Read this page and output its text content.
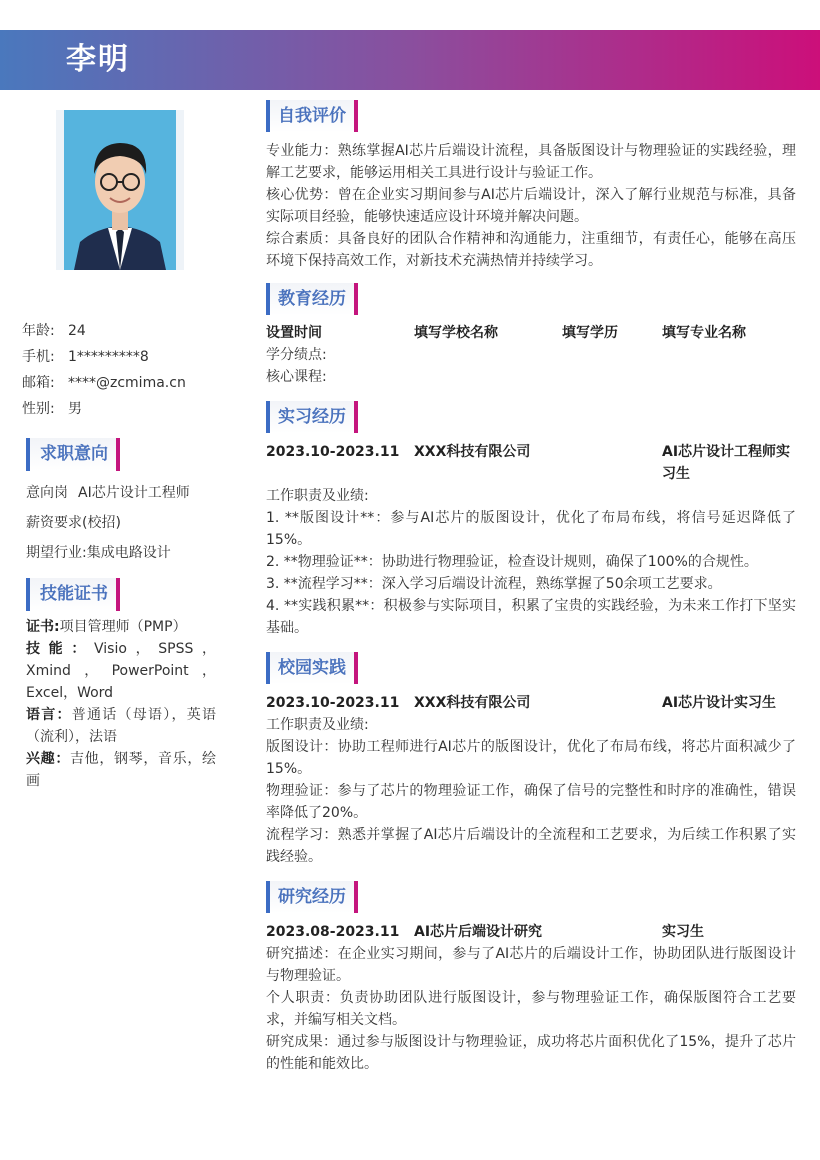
李明
年龄: 24
手机: 1*********8
邮箱: ****@zcmima.cn
性别: 男
求职意向
意向岗 AI芯片设计工程师
薪资要求(校招)
期望行业:集成电路设计
技能证书

证书:项目管理师（PMP）

技能：Visio，SPSS，Xmind，PowerPoint，Excel，Word

语言：普通话（母语），英语（流利），法语

兴趣：吉他，钢琴，音乐，绘画

自我评价

专业能力：熟练掌握AI芯片后端设计流程，具备版图设计与物理验证的实践经验，理解工艺要求，能够运用相关工具进行设计与验证工作。

核心优势：曾在企业实习期间参与AI芯片后端设计，深入了解行业规范与标准，具备实际项目经验，能够快速适应设计环境并解决问题。

综合素质：具备良好的团队合作精神和沟通能力，注重细节，有责任心，能够在高压环境下保持高效工作，对新技术充满热情并持续学习。

教育经历
设置时间	填写学校名称	填写学历	填写专业名称

学分绩点:

核心课程:

实习经历
2023.10-2023.11 XXX科技有限公司	AI芯片设计工程师实习生

工作职责及业绩:

1. **版图设计**：参与AI芯片的版图设计，优化了布局布线，将信号延迟降低了15%。

2. **物理验证**：协助进行物理验证，检查设计规则，确保了100%的合规性。

3. **流程学习**：深入学习后端设计流程，熟练掌握了50余项工艺要求。

4. **实践积累**：积极参与实际项目，积累了宝贵的实践经验，为未来工作打下坚实基础。

校园实践
2023.10-2023.11 XXX科技有限公司	AI芯片设计实习生

工作职责及业绩:

版图设计：协助工程师进行AI芯片的版图设计，优化了布局布线，将芯片面积减少了15%。

物理验证：参与了芯片的物理验证工作，确保了信号的完整性和时序的准确性，错误率降低了20%。

流程学习：熟悉并掌握了AI芯片后端设计的全流程和工艺要求，为后续工作积累了实践经验。

研究经历
2023.08-2023.11 AI芯片后端设计研究	实习生

研究描述：在企业实习期间，参与了AI芯片的后端设计工作，协助团队进行版图设计与物理验证。

个人职责：负责协助团队进行版图设计，参与物理验证工作，确保版图符合工艺要求，并编写相关文档。

研究成果：通过参与版图设计与物理验证，成功将芯片面积优化了15%，提升了芯片的性能和能效比。
